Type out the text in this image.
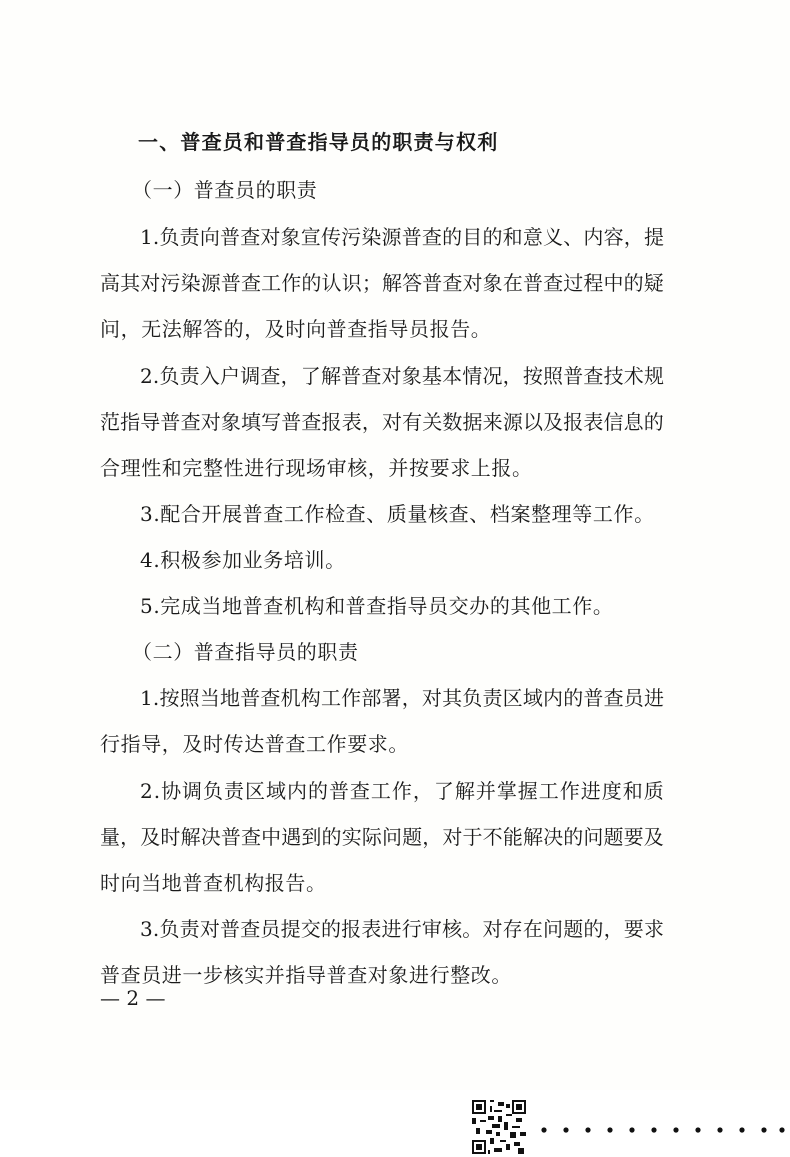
一、普查员和普查指导员的职责与权利
（一）普查员的职责
1 . 负 责 向 普 查 对 象 宣 传 污 染 源 普 查 的 目 的 和 意 义 、 内 容 ， 提
高 其 对 污 染 源 普 查 工 作 的 认 识 ； 解 答 普 查 对 象 在 普 查 过 程 中 的 疑
问，无法解答的，及时向普查指导员报告。
2 . 负 责 入 户 调 查 ， 了 解 普 查 对 象 基 本 情 况 ， 按 照 普 查 技 术 规
范 指 导 普 查 对 象 填 写 普 查 报 表 ， 对 有 关 数 据 来 源 以 及 报 表 信 息 的
合理性和完整性进行现场审核，并按要求上报。
3.配合开展普查工作检查、质量核查、档案整理等工作。
4.积极参加业务培训。
5.完成当地普查机构和普查指导员交办的其他工作。
（二）普查指导员的职责
1 . 按 照 当 地 普 查 机 构 工 作 部 署 ， 对 其 负 责 区 域 内 的 普 查 员 进
行指导，及时传达普查工作要求。
2 . 协 调 负 责 区 域 内 的 普 查 工 作 ， 了 解 并 掌 握 工 作 进 度 和 质
量 ， 及 时 解 决 普 查 中 遇 到 的 实 际 问 题 ， 对 于 不 能 解 决 的 问 题 要 及
时向当地普查机构报告。
3 . 负 责 对 普 查 员 提 交 的 报 表 进 行 审 核 。 对 存 在 问 题 的 ， 要 求
普查员进一步核实并指导普查对象进行整改。
— 2 —
